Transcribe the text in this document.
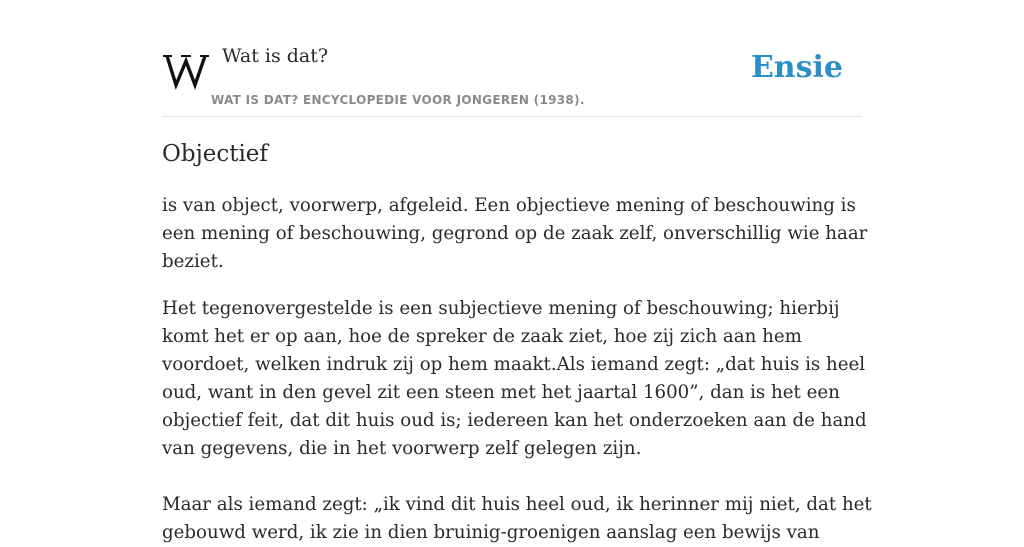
Wat is dat?
WAT IS DAT? ENCYCLOPEDIE VOOR JONGEREN (1938).
Ensie
Objectief

is van object, voorwerp, afgeleid. Een objectieve mening of beschouwing is een mening of beschouwing, gegrond op de zaak zelf, onverschillig wie haar beziet.

Het tegenovergestelde is een subjectieve mening of beschouwing; hierbij komt het er op aan, hoe de spreker de zaak ziet, hoe zij zich aan hem voordoet, welken indruk zij op hem maakt.Als iemand zegt: „dat huis is heel oud, want in den gevel zit een steen met het jaartal 1600”, dan is het een objectief feit, dat dit huis oud is; iedereen kan het onderzoeken aan de hand van gegevens, die in het voorwerp zelf gelegen zijn.

Maar als iemand zegt: „ik vind dit huis heel oud, ik herinner mij niet, dat het gebouwd werd, ik zie in dien bruinig-groenigen aanslag een bewijs van
